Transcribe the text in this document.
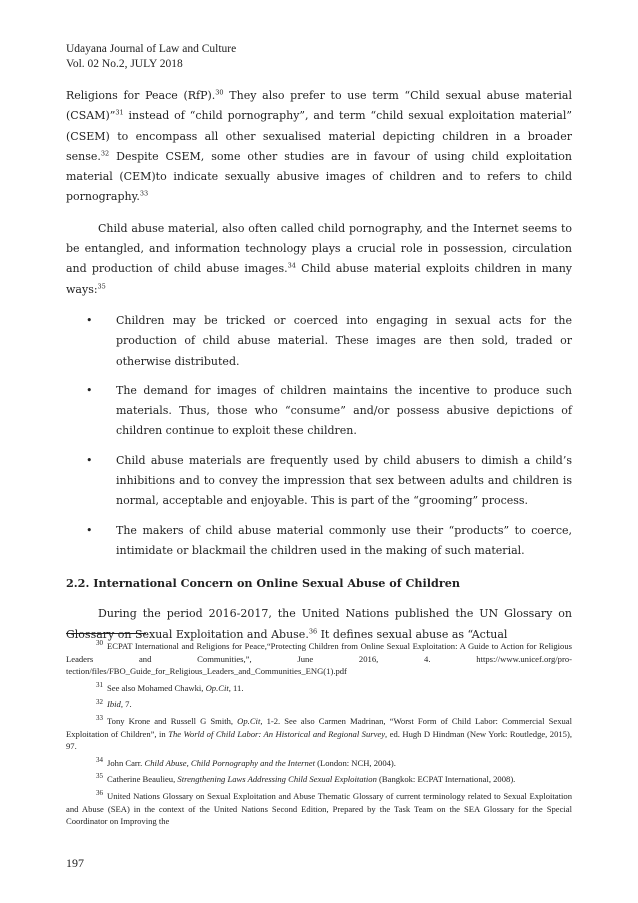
Udayana Journal of Law and Culture
Vol. 02 No.2, JULY 2018

Religions for Peace (RfP).$^{30}$ They also prefer to use term “Child sexual abuse material (CSAM)”$^{31}$ instead of “child pornography”, and term “child sexual exploitation material” (CSEM) to encompass all other sexualised material depicting children in a broader sense.$^{32}$ Despite CSEM, some other studies are in favour of using child exploitation material (CEM)to indicate sexually abusive images of children and to refers to child pornography.$^{33}$

Child abuse material, also often called child pornography, and the Internet seems to be entangled, and information technology plays a crucial role in possession, circulation and production of child abuse images.$^{34}$ Child abuse material exploits children in many ways:$^{35}$

• Children may be tricked or coerced into engaging in sexual acts for the production of child abuse material. These images are then sold, traded or otherwise distributed.
• The demand for images of children maintains the incentive to produce such materials. Thus, those who “consume” and/or possess abusive depictions of children continue to exploit these children.
• Child abuse materials are frequently used by child abusers to dimish a child’s inhibitions and to convey the impression that sex between adults and children is normal, acceptable and enjoyable. This is part of the “grooming” process.
• The makers of child abuse material commonly use their “products” to coerce, intimidate or blackmail the children used in the making of such material.
2.2. International Concern on Online Sexual Abuse of Children

During the period 2016-2017, the United Nations published the UN Glossary on Glossary on Sexual Exploitation and Abuse.$^{36}$ It defines sexual abuse as “Actual

$^{30}$ ECPAT International and Religions for Peace,“Protecting Children from Online Sexual Exploitation: A Guide to Action for Religious Leaders and Communities,”, June 2016, 4. https://www.unicef.org/pro-tection/files/FBO_Guide_for_Religious_Leaders_and_Communities_ENG(1).pdf

$^{31}$ See also Mohamed Chawki, Op.Cit, 11.

$^{32}$ Ibid, 7.

$^{33}$ Tony Krone and Russell G Smith, Op.Cit, 1-2. See also Carmen Madrinan, “Worst Form of Child Labor: Commercial Sexual Exploitation of Children”, in The World of Child Labor: An Historical and Regional Survey, ed. Hugh D Hindman (New York: Routledge, 2015), 97.

$^{34}$ John Carr. Child Abuse, Child Pornography and the Internet (London: NCH, 2004).

$^{35}$ Catherine Beaulieu, Strengthening Laws Addressing Child Sexual Exploitation (Bangkok: ECPAT International, 2008).

$^{36}$ United Nations Glossary on Sexual Exploitation and Abuse Thematic Glossary of current terminology related to Sexual Exploitation and Abuse (SEA) in the context of the United Nations Second Edition, Prepared by the Task Team on the SEA Glossary for the Special Coordinator on Improving the

197
